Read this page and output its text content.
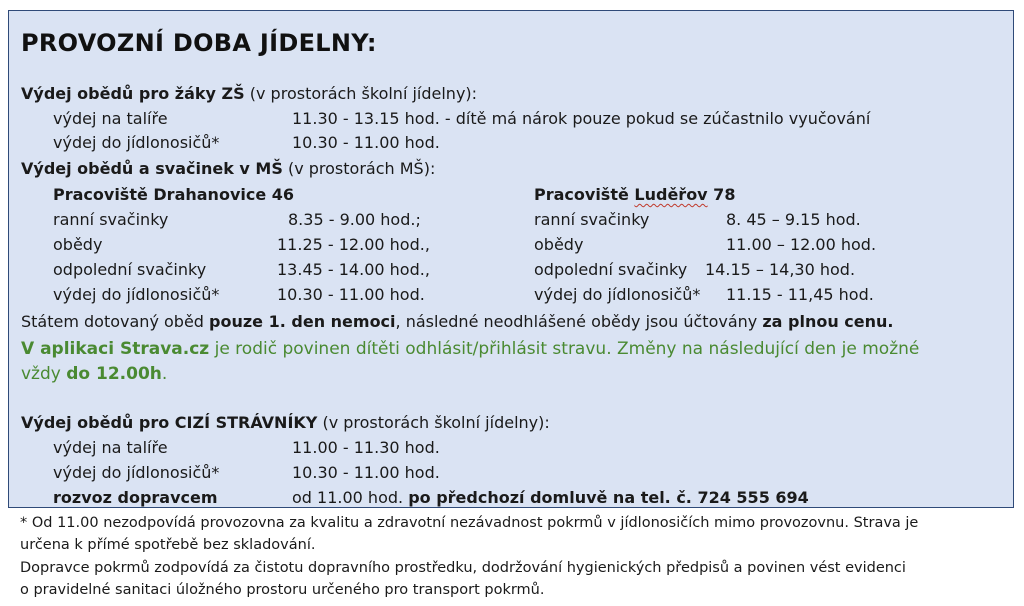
PROVOZNÍ DOBA JÍDELNY:
Výdej obědů pro žáky ZŠ (v prostorách školní jídelny):
výdej na talíře	11.30 - 13.15 hod. - dítě má nárok pouze pokud se zúčastnilo vyučování
výdej do jídlonosičů*	10.30 - 11.00 hod.
Výdej obědů a svačinek v MŠ (v prostorách MŠ):
Pracoviště Drahanovice 46
ranní svačinky	8.35 - 9.00 hod.;
obědy	11.25 - 12.00 hod.,
odpolední svačinky	13.45 - 14.00 hod.,
výdej do jídlonosičů*	10.30 - 11.00 hod.
Pracoviště Luděřov 78
ranní svačinky	8. 45 – 9.15 hod.
obědy	11.00 – 12.00 hod.
odpolední svačinky 14.15 – 14,30 hod.
výdej do jídlonosičů* 11.15 - 11,45 hod.
Státem dotovaný oběd pouze 1. den nemoci, následné neodhlášené obědy jsou účtovány za plnou cenu.
V aplikaci Strava.cz je rodič povinen dítěti odhlásit/přihlásit stravu. Změny na následující den je možné
vždy do 12.00h.
Výdej obědů pro CIZÍ STRÁVNÍKY (v prostorách školní jídelny):
výdej na talíře	11.00 - 11.30 hod.
výdej do jídlonosičů*	10.30 - 11.00 hod.
rozvoz dopravcem	od 11.00 hod. po předchozí domluvě na tel. č. 724 555 694
* Od 11.00 nezodpovídá provozovna za kvalitu a zdravotní nezávadnost pokrmů v jídlonosičích mimo provozovnu. Strava je
určena k přímé spotřebě bez skladování.
Dopravce pokrmů zodpovídá za čistotu dopravního prostředku, dodržování hygienických předpisů a povinen vést evidenci
o pravidelné sanitaci úložného prostoru určeného pro transport pokrmů.
